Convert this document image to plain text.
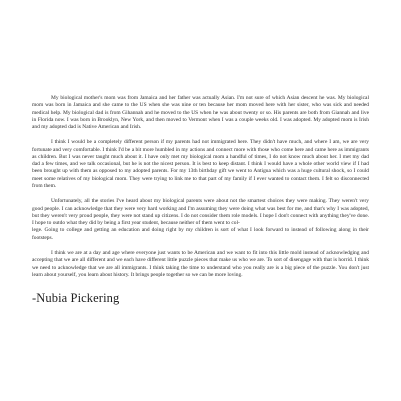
My biological mother's mom was from Jamaica and her father was actually Asian. I'm not sure of which Asian descent he was. My biological mom was born in Jamaica and she came to the US when she was nine or ten because her mom moved here with her sister, who was sick and needed medical help. My biological dad is from Gihannah and he moved to the US when he was about twenty or so. His parents are both from Giannah and live in Florida now. I was born in Brooklyn, New York, and then moved to Vermont when I was a couple weeks old. I was adopted. My adopted mom is Irish and my adopted dad is Native American and Irish.

I think I would be a completely different person if my parents had not immigrated here. They didn't have much, and where I am, we are very fortunate and very comfortable. I think I'd be a bit more humbled in my actions and connect more with those who come here and came here as immigrants as children. But I was never taught much about it. I have only met my biological mom a handful of times, I do not know much about her. I met my dad dad a few times, and we talk occasional, but he is not the nicest person. It is best to keep distant. I think I would have a whole other world view if I had been brought up with them as opposed to my adopted parents. For my 13th birthday gift we went to Antigua which was a huge cultural shock, so I could meet some relatives of my biological mom. They were trying to link me to that part of my family if I ever wanted to contact them. I felt so disconnected from them.

Unfortunately, all the stories I've heard about my biological parents were about not the smartest choices they were making. They weren't very good people. I can acknowledge that they were very hard working and I'm assuming they were doing what was best for me, and that's why I was adopted, but they weren't very proud people, they were not stand up citizens. I do not consider them role models. I hope I don't connect with anything they've done. I hope to outdo what they did by being a first year student, because neither of them went to col-
lege. Going to college and getting an education and doing right by my children is sort of what I look forward to instead of following along in their footsteps.

I think we are at a day and age where everyone just wants to be American and we want to fit into this little mold instead of acknowledging and accepting that we are all different and we each have different little puzzle pieces that make us who we are. To sort of disengage with that is horrid. I think we need to acknowledge that we are all immigrants. I think taking the time to understand who you really are is a big piece of the puzzle. You don't just learn about yourself, you learn about history. It brings people together so we can be more loving.

-Nubia Pickering
